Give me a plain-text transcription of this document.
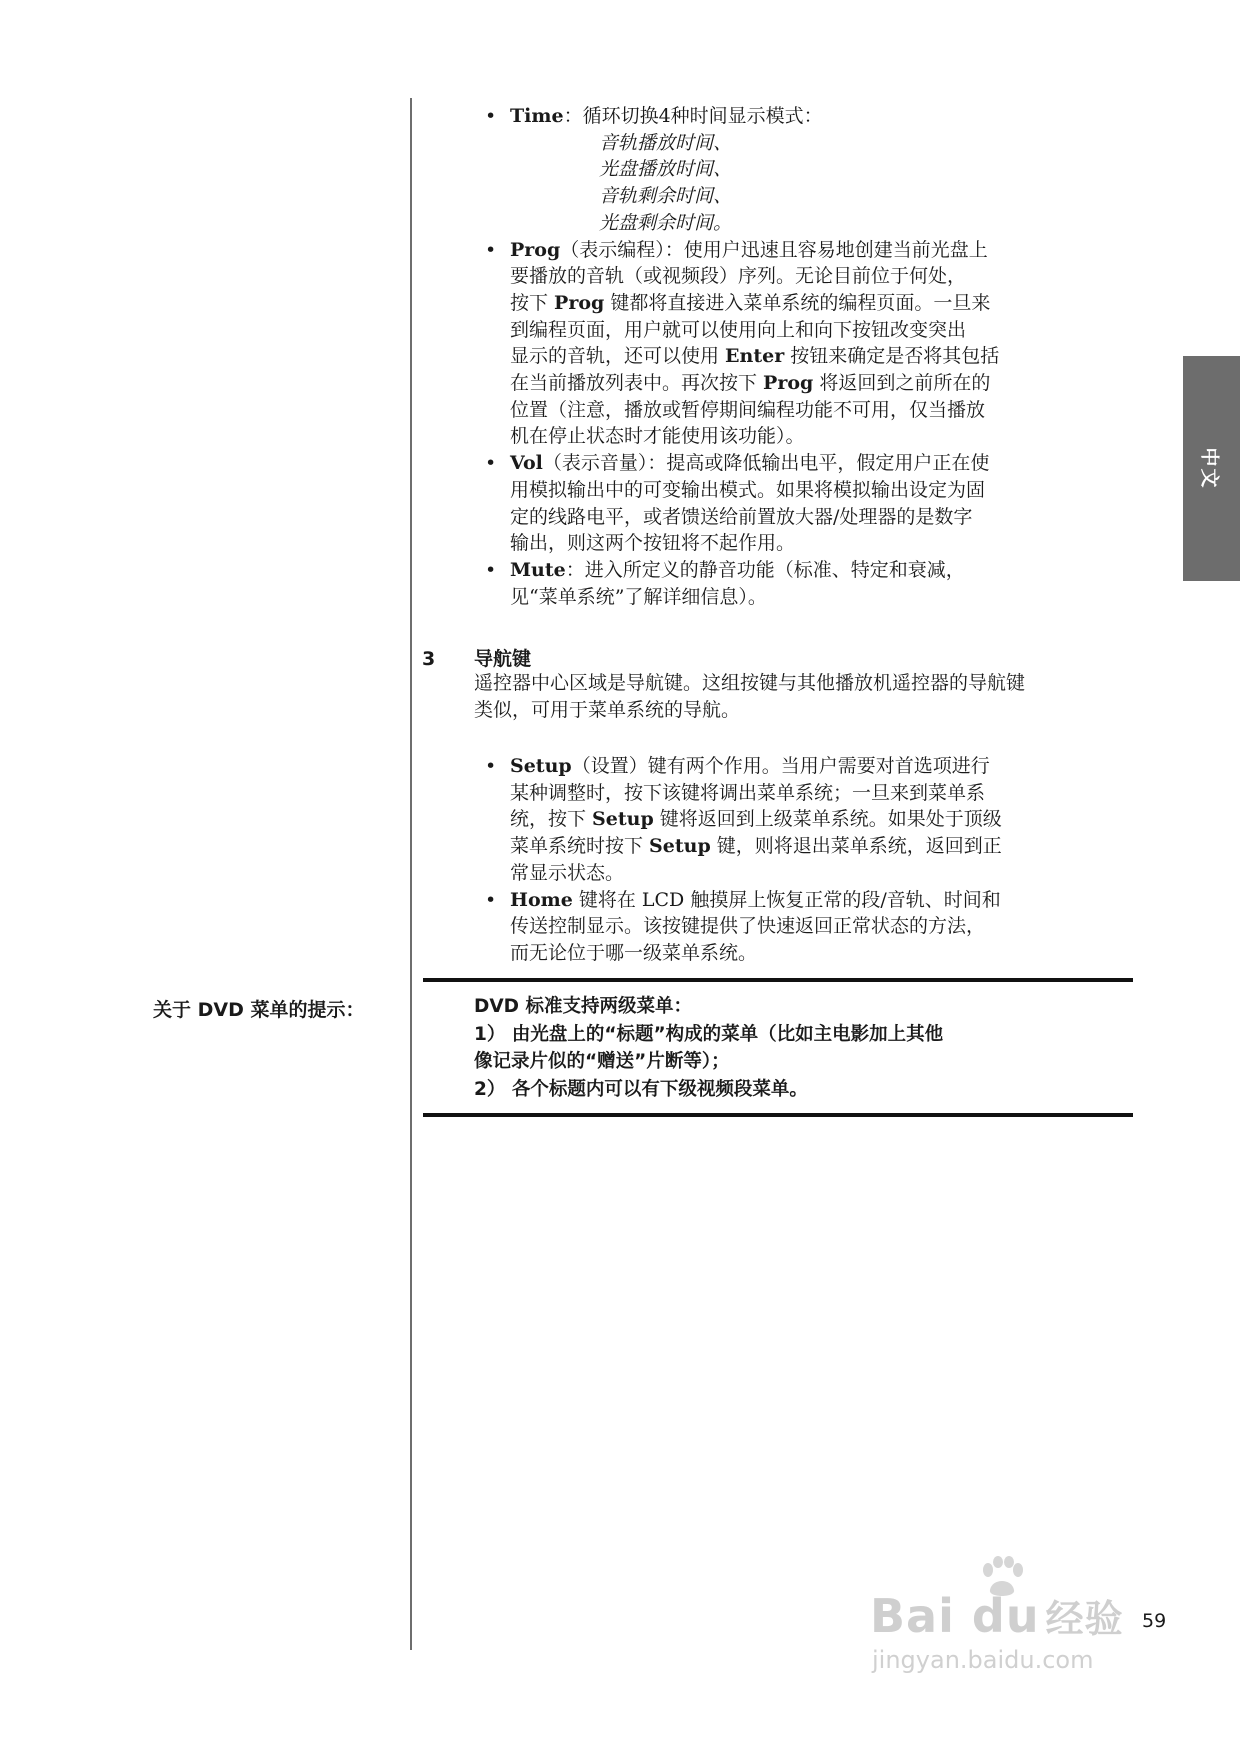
中文
• Time：循环切换4种时间显示模式：
音轨播放时间、
光盘播放时间、
音轨剩余时间、
光盘剩余时间。
• Prog（表示编程）：使用户迅速且容易地创建当前光盘上
要播放的音轨（或视频段）序列。无论目前位于何处，
按下 Prog 键都将直接进入菜单系统的编程页面。一旦来
到编程页面，用户就可以使用向上和向下按钮改变突出
显示的音轨，还可以使用 Enter 按钮来确定是否将其包括
在当前播放列表中。再次按下 Prog 将返回到之前所在的
位置（注意，播放或暂停期间编程功能不可用，仅当播放
机在停止状态时才能使用该功能）。
• Vol（表示音量）：提高或降低输出电平，假定用户正在使
用模拟输出中的可变输出模式。如果将模拟输出设定为固
定的线路电平，或者馈送给前置放大器/处理器的是数字
输出，则这两个按钮将不起作用。
• Mute：进入所定义的静音功能（标准、特定和衰减，
见“菜单系统”了解详细信息）。
3 导航键
遥控器中心区域是导航键。这组按键与其他播放机遥控器的导航键
类似，可用于菜单系统的导航。
• Setup（设置）键有两个作用。当用户需要对首选项进行
某种调整时，按下该键将调出菜单系统；一旦来到菜单系
统，按下 Setup 键将返回到上级菜单系统。如果处于顶级
菜单系统时按下 Setup 键，则将退出菜单系统，返回到正
常显示状态。
• Home 键将在 LCD 触摸屏上恢复正常的段/音轨、时间和
传送控制显示。该按键提供了快速返回正常状态的方法，
而无论位于哪一级菜单系统。
关于 DVD 菜单的提示：	DVD 标准支持两级菜单：
1） 由光盘上的“标题”构成的菜单（比如主电影加上其他
像记录片似的“赠送”片断等）；
2） 各个标题内可以有下级视频段菜单。
59
Bai du 经验
jingyan.baidu.com
